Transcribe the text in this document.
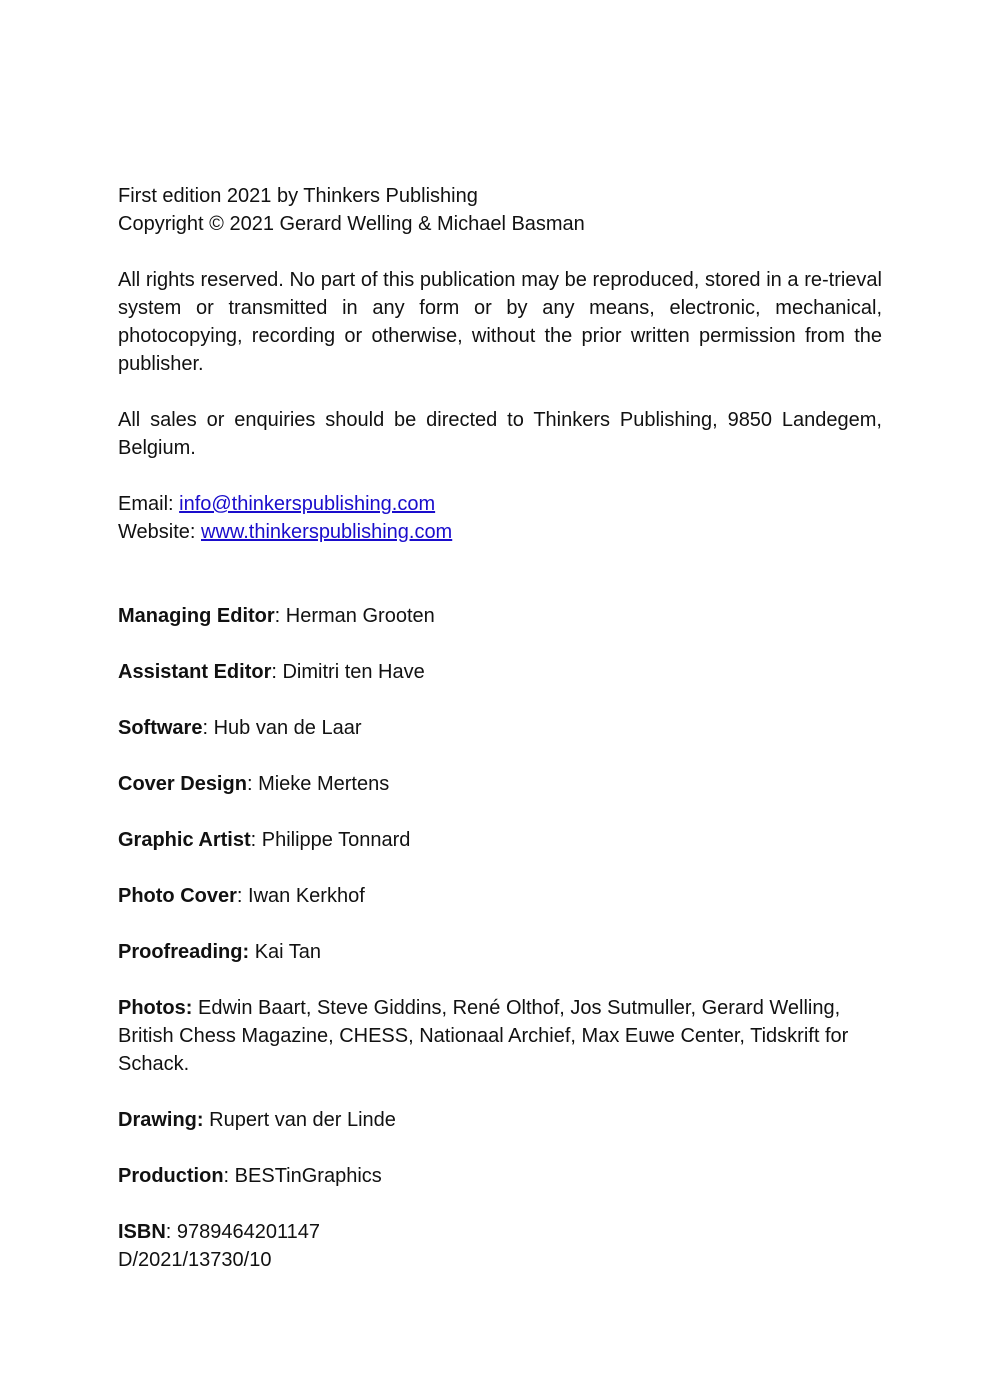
First edition 2021 by Thinkers Publishing

Copyright © 2021 Gerard Welling & Michael Basman

All rights reserved. No part of this publication may be reproduced, stored in a re-trieval system or transmitted in any form or by any means, electronic, mechanical, photocopying, recording or otherwise, without the prior written permission from the publisher.

All sales or enquiries should be directed to Thinkers Publishing, 9850 Landegem, Belgium.

Email: info@thinkerspublishing.com

Website: www.thinkerspublishing.com

Managing Editor: Herman Grooten

Assistant Editor: Dimitri ten Have

Software: Hub van de Laar

Cover Design: Mieke Mertens

Graphic Artist: Philippe Tonnard

Photo Cover: Iwan Kerkhof

Proofreading: Kai Tan

Photos: Edwin Baart, Steve Giddins, René Olthof, Jos Sutmuller, Gerard Welling, British Chess Magazine, CHESS, Nationaal Archief, Max Euwe Center, Tidskrift for Schack.

Drawing: Rupert van der Linde

Production: BESTinGraphics

ISBN: 9789464201147

D/2021/13730/10
